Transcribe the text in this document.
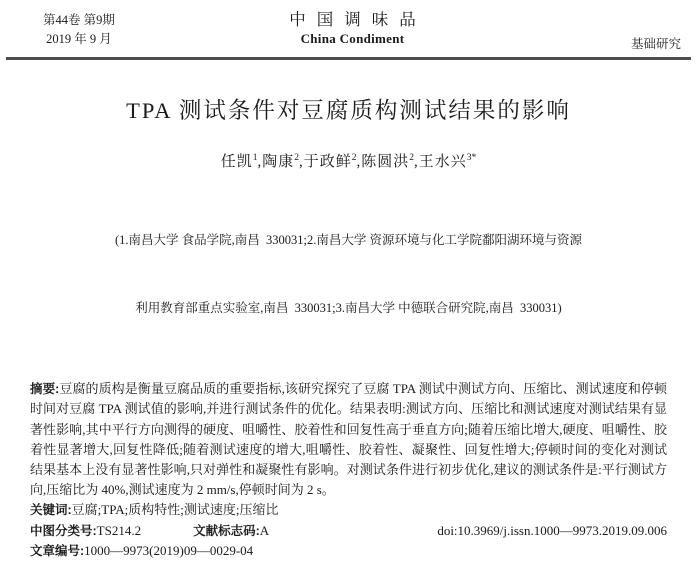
第44卷 第9期
2019 年 9 月
中国调味品
China Condiment	基础研究
TPA 测试条件对豆腐质构测试结果的影响
任凯$^1$,陶康$^2$,于政鲜$^2$,陈圆洪$^2$,王水兴$^{3*}$

(1.南昌大学 食品学院,南昌  330031;2.南昌大学 资源环境与化工学院鄱阳湖环境与资源

利用教育部重点实验室,南昌  330031;3.南昌大学 中德联合研究院,南昌  330031)

摘要:豆腐的质构是衡量豆腐品质的重要指标,该研究探究了豆腐 TPA 测试中测试方向、压缩比、测试速度和停顿时间对豆腐 TPA 测试值的影响,并进行测试条件的优化。结果表明:测试方向、压缩比和测试速度对测试结果有显著性影响,其中平行方向测得的硬度、咀嚼性、胶着性和回复性高于垂直方向;随着压缩比增大,硬度、咀嚼性、胶着性显著增大,回复性降低;随着测试速度的增大,咀嚼性、胶着性、凝聚性、回复性增大;停顿时间的变化对测试结果基本上没有显著性影响,只对弹性和凝聚性有影响。对测试条件进行初步优化,建议的测试条件是:平行测试方向,压缩比为 40%,测试速度为 2 mm/s,停顿时间为 2 s。

关键词:豆腐;TPA;质构特性;测试速度;压缩比

中图分类号:TS214.2	文献标志码:A	doi:10.3969/j.issn.1000—9973.2019.09.006

文章编号:1000—9973(2019)09—0029-04
